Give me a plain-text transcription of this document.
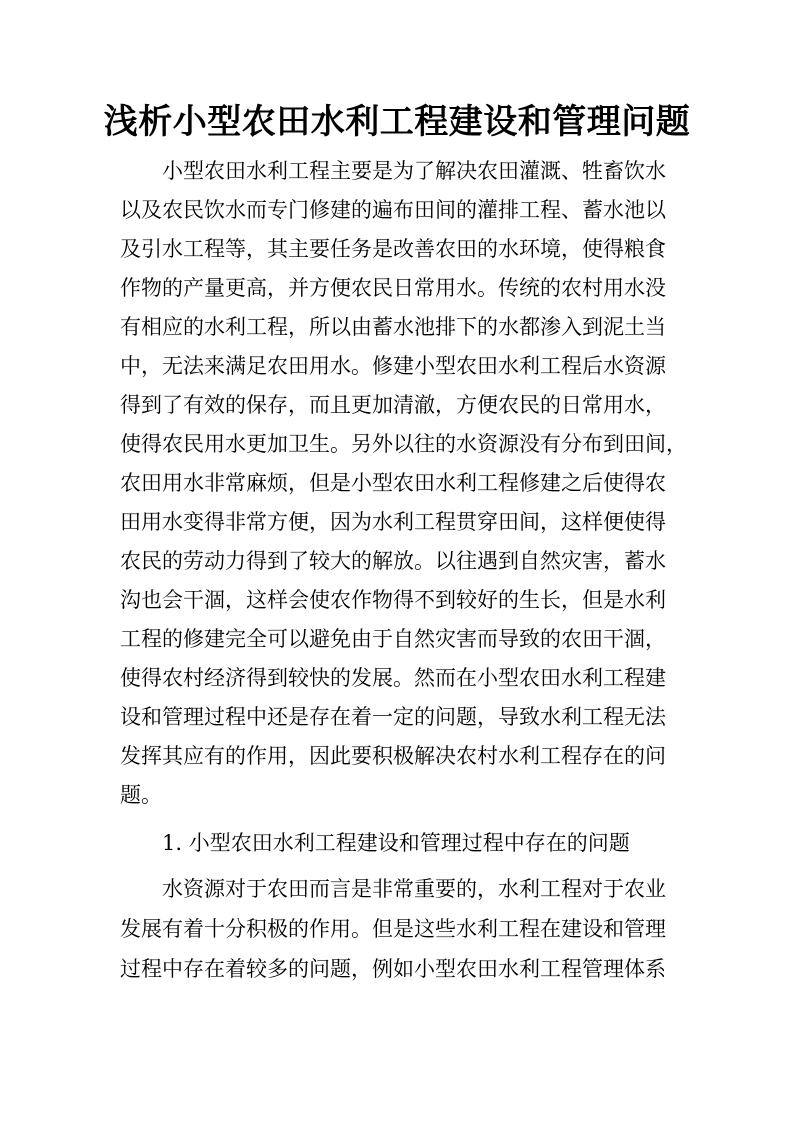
浅析小型农田水利工程建设和管理问题

小型农田水利工程主要是为了解决农田灌溉、牲畜饮水

以及农民饮水而专门修建的遍布田间的灌排工程、蓄水池以

及引水工程等，其主要任务是改善农田的水环境，使得粮食

作物的产量更高，并方便农民日常用水。传统的农村用水没

有相应的水利工程，所以由蓄水池排下的水都渗入到泥土当

中，无法来满足农田用水。修建小型农田水利工程后水资源

得到了有效的保存，而且更加清澈，方便农民的日常用水，

使得农民用水更加卫生。另外以往的水资源没有分布到田间，

农田用水非常麻烦，但是小型农田水利工程修建之后使得农

田用水变得非常方便，因为水利工程贯穿田间，这样便使得

农民的劳动力得到了较大的解放。以往遇到自然灾害，蓄水

沟也会干涸，这样会使农作物得不到较好的生长，但是水利

工程的修建完全可以避免由于自然灾害而导致的农田干涸，

使得农村经济得到较快的发展。然而在小型农田水利工程建

设和管理过程中还是存在着一定的问题，导致水利工程无法

发挥其应有的作用，因此要积极解决农村水利工程存在的问

题。

1. 小型农田水利工程建设和管理过程中存在的问题

水资源对于农田而言是非常重要的，水利工程对于农业

发展有着十分积极的作用。但是这些水利工程在建设和管理

过程中存在着较多的问题，例如小型农田水利工程管理体系
